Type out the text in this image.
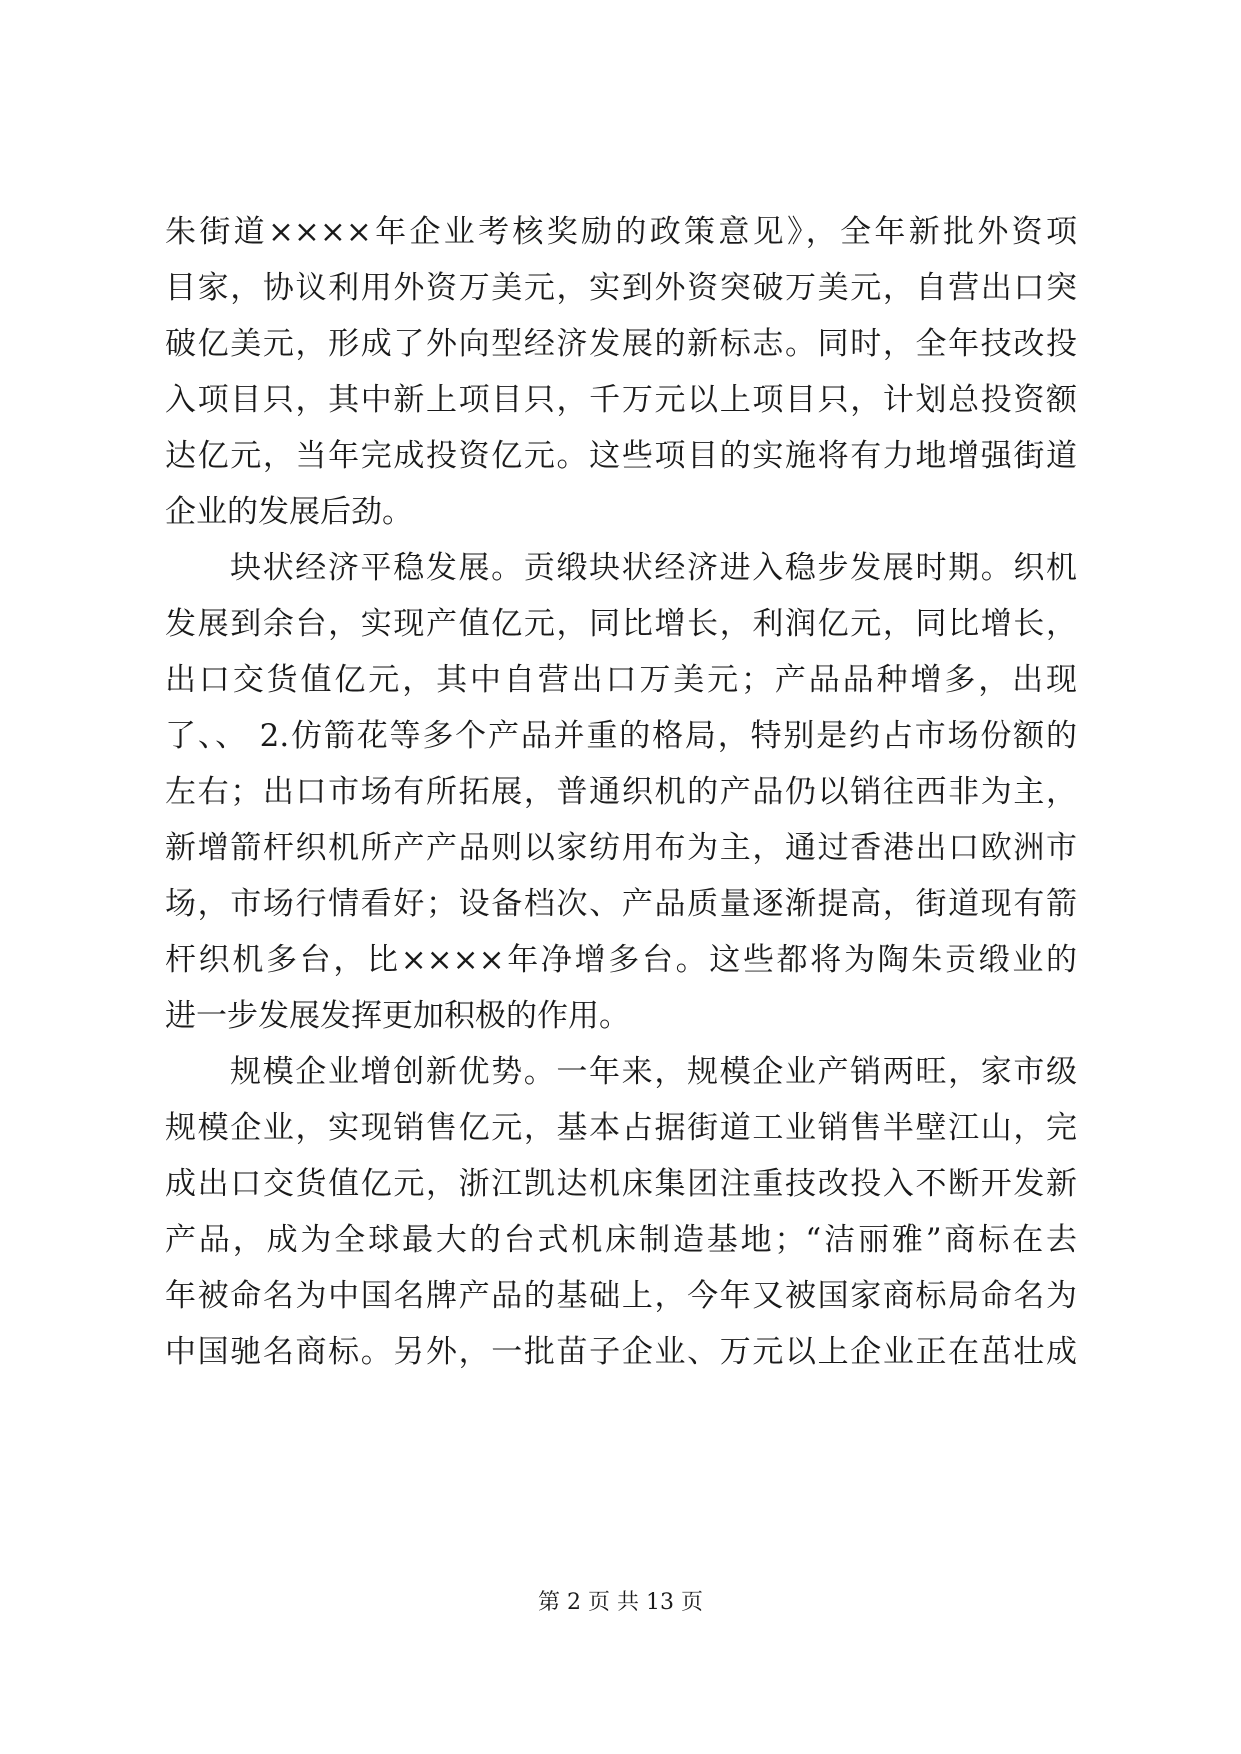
朱街道××××年企业考核奖励的政策意见》，全年新批外资项
目家，协议利用外资万美元，实到外资突破万美元，自营出口突
破亿美元，形成了外向型经济发展的新标志。同时，全年技改投
入项目只，其中新上项目只，千万元以上项目只，计划总投资额
达亿元，当年完成投资亿元。这些项目的实施将有力地增强街道
企业的发展后劲。
块状经济平稳发展。贡缎块状经济进入稳步发展时期。织机
发展到余台，实现产值亿元，同比增长，利润亿元，同比增长，
出口交货值亿元，其中自营出口万美元；产品品种增多，出现
了、、 2.仿箭花等多个产品并重的格局，特别是约占市场份额的
左右；出口市场有所拓展，普通织机的产品仍以销往西非为主，
新增箭杆织机所产产品则以家纺用布为主，通过香港出口欧洲市
场，市场行情看好；设备档次、产品质量逐渐提高，街道现有箭
杆织机多台，比××××年净增多台。这些都将为陶朱贡缎业的
进一步发展发挥更加积极的作用。
规模企业增创新优势。一年来，规模企业产销两旺，家市级
规模企业，实现销售亿元，基本占据街道工业销售半壁江山，完
成出口交货值亿元，浙江凯达机床集团注重技改投入不断开发新
产品，成为全球最大的台式机床制造基地；“洁丽雅”商标在去
年被命名为中国名牌产品的基础上，今年又被国家商标局命名为
中国驰名商标。另外，一批苗子企业、万元以上企业正在茁壮成
第 2 页 共 13 页
